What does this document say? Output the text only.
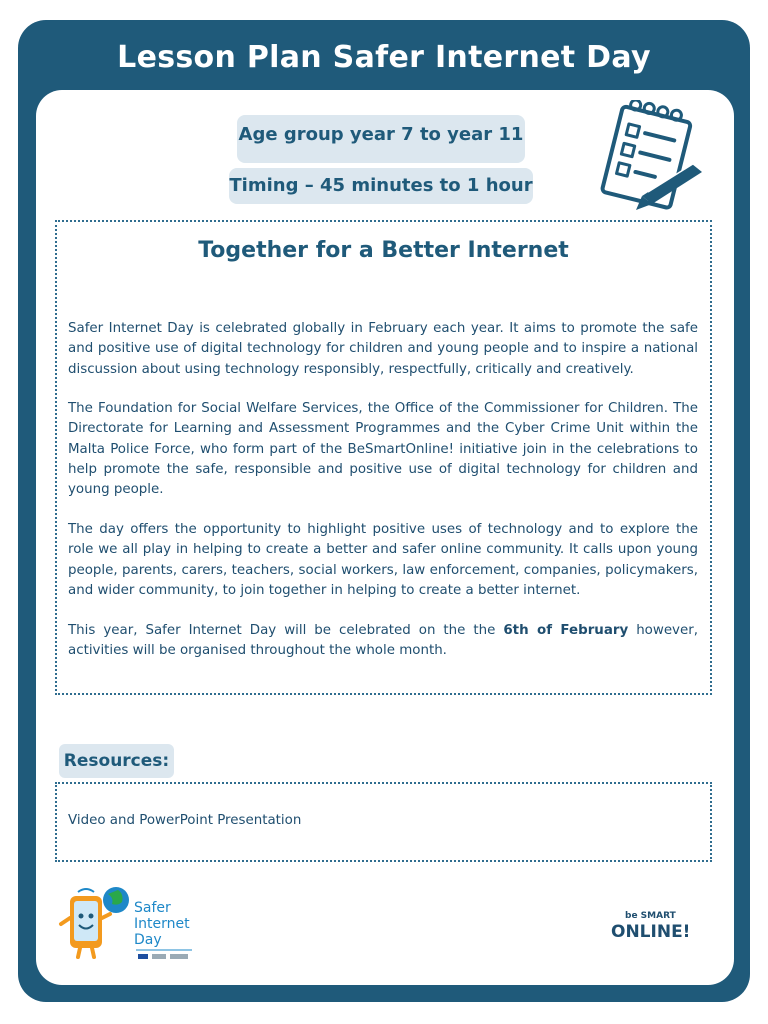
Lesson Plan Safer Internet Day
Age group year 7 to year 11
Timing – 45 minutes to 1 hour
Together for a Better Internet

Safer Internet Day is celebrated globally in February each year. It aims to promote the safe and positive use of digital technology for children and young people and to inspire a national discussion about using technology responsibly, respectfully, critically and creatively.

The Foundation for Social Welfare Services, the Office of the Commissioner for Children. The Directorate for Learning and Assessment Programmes and the Cyber Crime Unit within the Malta Police Force, who form part of the BeSmartOnline! initiative join in the celebrations to help promote the safe, responsible and positive use of digital technology for children and young people.

The day offers the opportunity to highlight positive uses of technology and to explore the role we all play in helping to create a better and safer online community. It calls upon young people, parents, carers, teachers, social workers, law enforcement, companies, policymakers, and wider community, to join together in helping to create a better internet.

This year, Safer Internet Day will be celebrated on the the 6th of February however, activities will be organised throughout the whole month.

Resources:
Video and PowerPoint Presentation
Safer
Internet
Day
be SMART
ONLINE!
